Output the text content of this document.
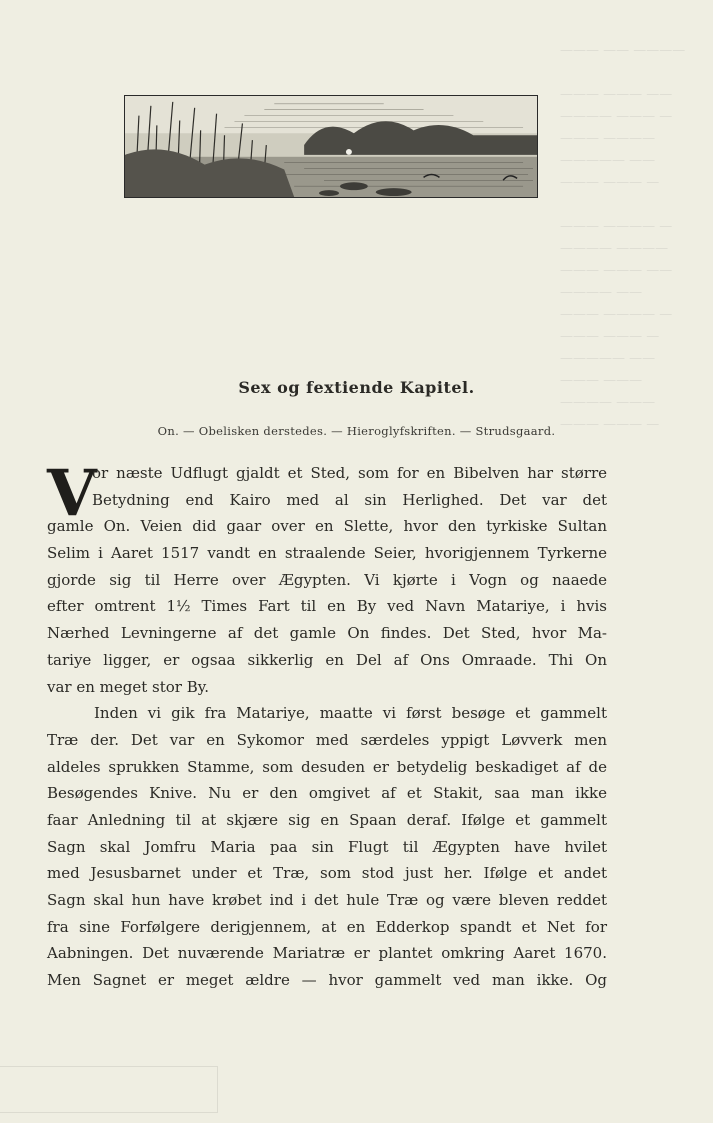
——— —— ————

——— ——— ——
———— ——— —
——— ————
————— ——
——— ——— —

——— ———— —
———— ————
——— ——— ——
———— ——
——— ———— —
——— ——— —
————— ——
——— ———
———— ———
——— ——— —
Sex og fextiende Kapitel.
On. — Obelisken derstedes. — Hieroglyfskriften. — Strudsgaard.
V
or næste Udflugt gjaldt et Sted, som for en Bibelven har større
Betydning end Kairo med al sin Herlighed. Det var det
gamle On. Veien did gaar over en Slette, hvor den tyrkiske Sultan
Selim i Aaret 1517 vandt en straalende Seier, hvorigjennem Tyrkerne
gjorde sig til Herre over Ægypten. Vi kjørte i Vogn og naaede
efter omtrent 1½ Times Fart til en By ved Navn Matariye, i hvis
Nærhed Levningerne af det gamle On findes. Det Sted, hvor Ma-
tariye ligger, er ogsaa sikkerlig en Del af Ons Omraade. Thi On
var en meget stor By.
Inden vi gik fra Matariye, maatte vi først besøge et gammelt
Træ der. Det var en Sykomor med særdeles yppigt Løvverk men
aldeles sprukken Stamme, som desuden er betydelig beskadiget af de
Besøgendes Knive. Nu er den omgivet af et Stakit, saa man ikke
faar Anledning til at skjære sig en Spaan deraf. Ifølge et gammelt
Sagn skal Jomfru Maria paa sin Flugt til Ægypten have hvilet
med Jesusbarnet under et Træ, som stod just her. Ifølge et andet
Sagn skal hun have krøbet ind i det hule Træ og være bleven reddet
fra sine Forfølgere derigjennem, at en Edderkop spandt et Net for
Aabningen. Det nuværende Mariatræ er plantet omkring Aaret 1670.
Men Sagnet er meget ældre — hvor gammelt ved man ikke. Og
